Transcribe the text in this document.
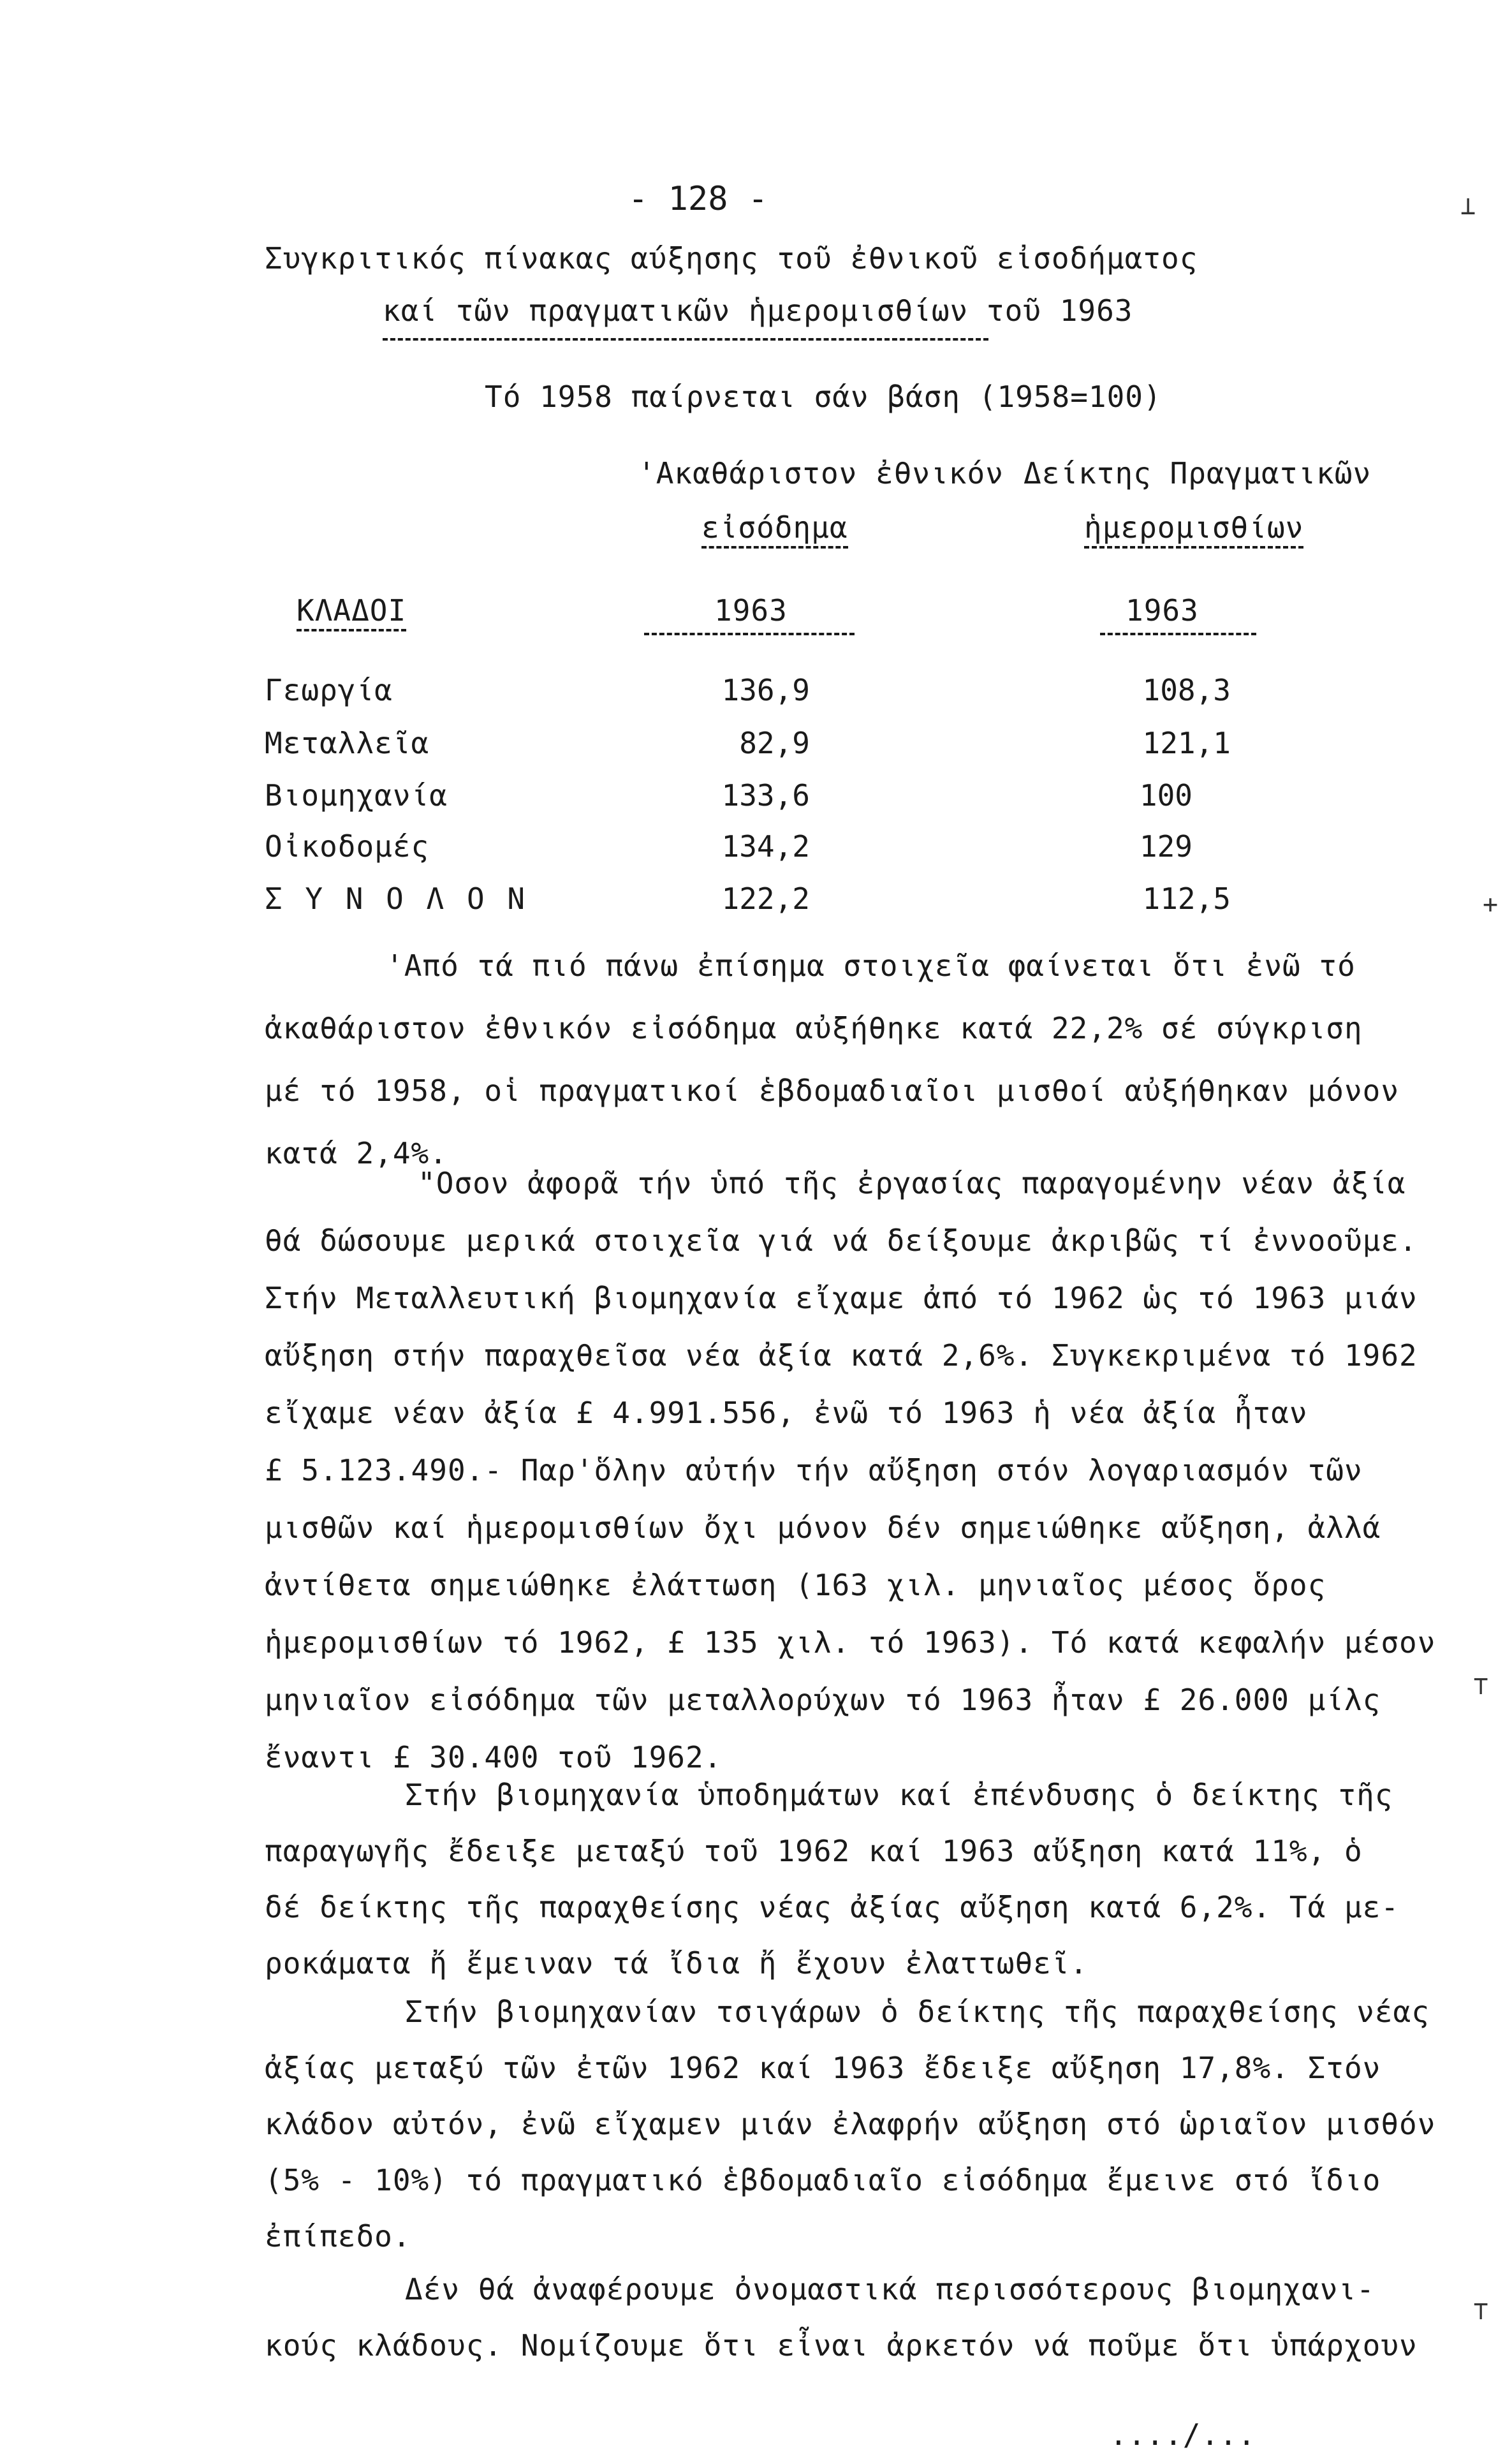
- 128 -
Συγκριτικός πίνακας αύξησης τοῦ ἐθνικοῦ εἰσοδήματος
καί τῶν πραγματικῶν ἡμερομισθίων τοῦ 1963
Τό 1958 παίρνεται σάν βάση (1958=100)
'Ακαθάριστον ἐθνικόν
εἰσόδημα
Δείκτης Πραγματικῶν
ἡμερομισθίων
ΚΛΑΔΟΙ	1963	1963
Γεωργία	136,9	108,3
Μεταλλεῖα	82,9	121,1
Βιομηχανία	133,6	100
Οἰκοδομές	134,2	129
Σ Υ Ν Ο Λ Ο Ν	122,2	112,5
'Από τά πιό πάνω ἐπίσημα στοιχεῖα φαίνεται ὅτι ἐνῶ τό
ἀκαθάριστον ἐθνικόν εἰσόδημα αὐξήθηκε κατά 22,2% σέ σύγκριση
μέ τό 1958, οἱ πραγματικοί ἑβδομαδιαῖοι μισθοί αὐξήθηκαν μόνον
κατά 2,4%.
"Οσον ἀφορᾶ τήν ὑπό τῆς ἐργασίας παραγομένην νέαν ἀξία
θά δώσουμε μερικά στοιχεῖα γιά νά δείξουμε ἀκριβῶς τί ἐννοοῦμε.
Στήν Μεταλλευτική βιομηχανία εἴχαμε ἀπό τό 1962 ὡς τό 1963 μιάν
αὔξηση στήν παραχθεῖσα νέα ἀξία κατά 2,6%. Συγκεκριμένα τό 1962
εἴχαμε νέαν ἀξία £ 4.991.556, ἐνῶ τό 1963 ἡ νέα ἀξία ἦταν
£ 5.123.490.- Παρ'ὅλην αὐτήν τήν αὔξηση στόν λογαριασμόν τῶν
μισθῶν καί ἡμερομισθίων ὄχι μόνον δέν σημειώθηκε αὔξηση, ἀλλά
ἀντίθετα σημειώθηκε ἐλάττωση (163 χιλ. μηνιαῖος μέσος ὅρος
ἡμερομισθίων τό 1962, £ 135 χιλ. τό 1963). Τό κατά κεφαλήν μέσον
μηνιαῖον εἰσόδημα τῶν μεταλλορύχων τό 1963 ἦταν £ 26.000 μίλς
ἔναντι £ 30.400 τοῦ 1962.
Στήν βιομηχανία ὑποδημάτων καί ἐπένδυσης ὁ δείκτης τῆς
παραγωγῆς ἔδειξε μεταξύ τοῦ 1962 καί 1963 αὔξηση κατά 11%, ὁ
δέ δείκτης τῆς παραχθείσης νέας ἀξίας αὔξηση κατά 6,2%. Τά με-
ροκάματα ἤ ἔμειναν τά ἴδια ἤ ἔχουν ἐλαττωθεῖ.
Στήν βιομηχανίαν τσιγάρων ὁ δείκτης τῆς παραχθείσης νέας
ἀξίας μεταξύ τῶν ἐτῶν 1962 καί 1963 ἔδειξε αὔξηση 17,8%. Στόν
κλάδον αὐτόν, ἐνῶ εἴχαμεν μιάν ἐλαφρήν αὔξηση στό ὡριαῖον μισθόν
(5% - 10%) τό πραγματικό ἑβδομαδιαῖο εἰσόδημα ἔμεινε στό ἴδιο
ἐπίπεδο.
Δέν θά ἀναφέρουμε ὀνομαστικά περισσότερους βιομηχανι-
κούς κλάδους. Νομίζουμε ὅτι εἶναι ἀρκετόν νά ποῦμε ὅτι ὑπάρχουν
..../...
⊥
+
⊤
⊤
